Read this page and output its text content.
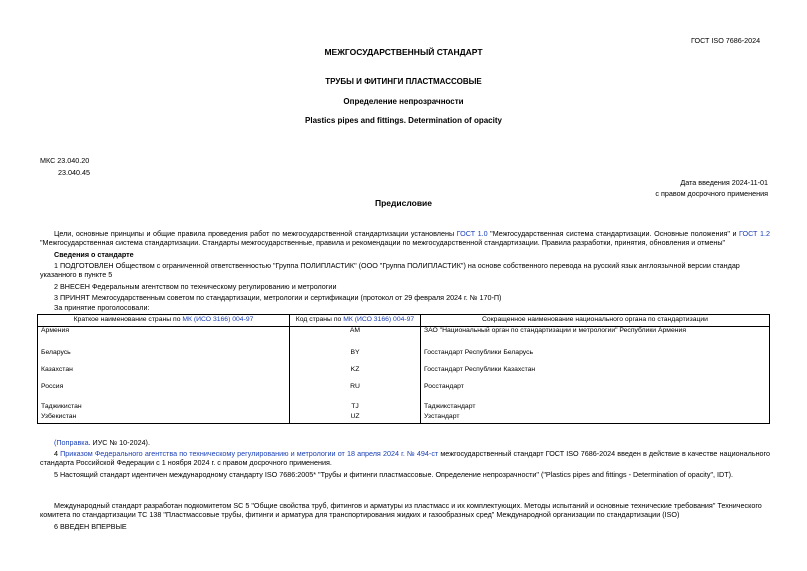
ГОСТ ISO 7686-2024
МЕЖГОСУДАРСТВЕННЫЙ СТАНДАРТ
ТРУБЫ И ФИТИНГИ ПЛАСТМАССОВЫЕ
Определение непрозрачности
Plastics pipes and fittings. Determination of opacity
МКС 23.040.20
23.040.45
Дата введения 2024-11-01
с правом досрочного применения
Предисловие
Цели, основные принципы и общие правила проведения работ по межгосударственной стандартизации установлены ГОСТ 1.0 "Межгосударственная система стандартизации. Основные положения" и ГОСТ 1.2 "Межгосударственная система стандартизации. Стандарты межгосударственные, правила и рекомендации по межгосударственной стандартизации. Правила разработки, принятия, обновления и отмены"
Сведения о стандарте
1 ПОДГОТОВЛЕН Обществом с ограниченной ответственностью "Группа ПОЛИПЛАСТИК" (ООО "Группа ПОЛИПЛАСТИК") на основе собственного перевода на русский язык англоязычной версии стандар указанного в пункте 5
2 ВНЕСЕН Федеральным агентством по техническому регулированию и метрологии
3 ПРИНЯТ Межгосударственным советом по стандартизации, метрологии и сертификации (протокол от 29 февраля 2024 г. № 170-П)
За принятие проголосовали:
Краткое наименование страны по МК (ИСО 3166) 004-97	Код страны по МК (ИСО 3166) 004-97	Сокращенное наименование национального органа по стандартизации
Армения	AM	ЗАО "Национальный орган по стандартизации и метрологии" Республики Армения
Беларусь	BY	Госстандарт Республики Беларусь
Казахстан	KZ	Госстандарт Республики Казахстан
Россия	RU	Росстандарт
Таджикистан	TJ	Таджикстандарт
Узбекистан	UZ	Узстандарт
(Поправка. ИУС № 10-2024).
4 Приказом Федерального агентства по техническому регулированию и метрологии от 18 апреля 2024 г. № 494-ст межгосударственный стандарт ГОСТ ISO 7686-2024 введен в действие в качестве национального стандарта Российской Федерации с 1 ноября 2024 г. с правом досрочного применения.
5 Настоящий стандарт идентичен международному стандарту ISO 7686:2005* "Трубы и фитинги пластмассовые. Определение непрозрачности" ("Plastics pipes and fittings - Determination of opacity", IDT).
Международный стандарт разработан подкомитетом SC 5 "Общие свойства труб, фитингов и арматуры из пластмасс и их комплектующих. Методы испытаний и основные технические требования" Технического комитета по стандартизации ТС 138 "Пластмассовые трубы, фитинги и арматура для транспортирования жидких и газообразных сред" Международной организации по стандартизации (ISO)
6 ВВЕДЕН ВПЕРВЫЕ
